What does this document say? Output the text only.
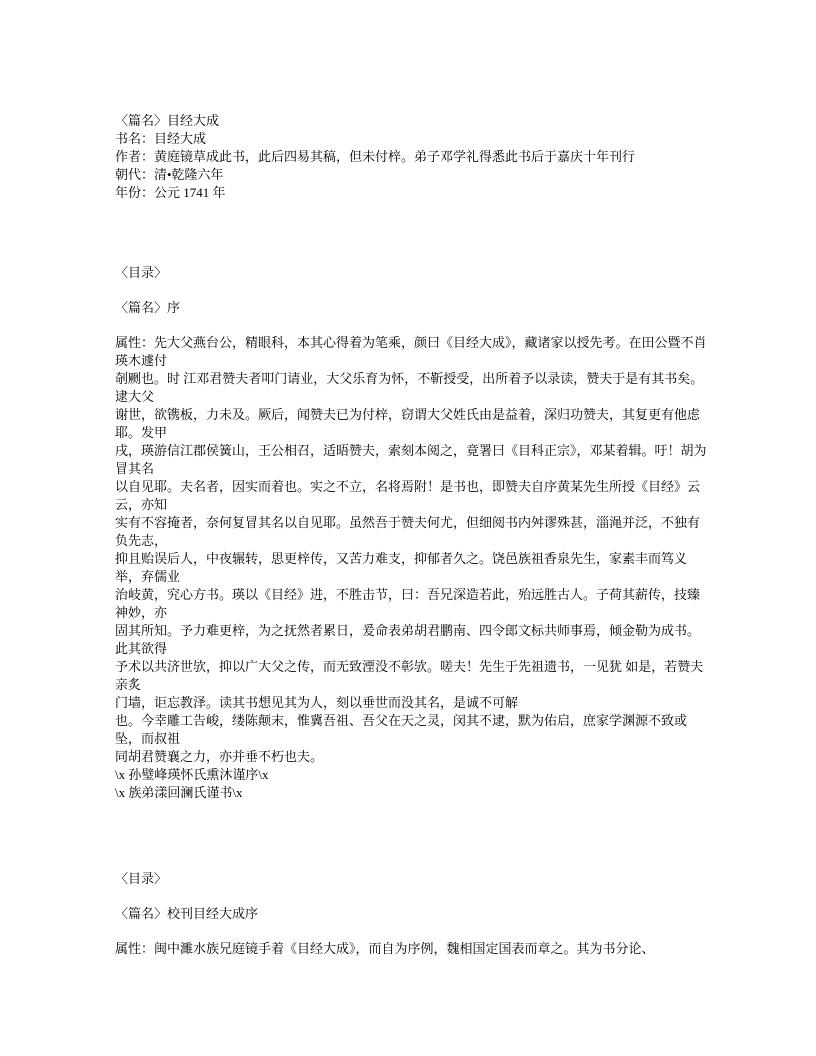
〈篇名〉目经大成
书名：目经大成
作者：黄庭镜草成此书，此后四易其稿，但未付梓。弟子邓学礼得悉此书后于嘉庆十年刊行
朝代：清•乾隆六年
年份：公元 1741 年
〈目录〉
〈篇名〉序
属性：先大父燕台公，精眼科，本其心得着为笔乘，颜曰《目经大成》，藏诸家以授先考。在田公暨不肖瑛木遽付
剞劂也。时 江邓君赞夫者叩门请业，大父乐育为怀，不靳授受，出所着予以录读，赞夫于是有其书矣。逮大父
谢世，欲镌板，力未及。厥后，闻赞夫已为付梓，窃谓大父姓氏由是益着，深归功赞夫，其复更有他虑耶。发甲
戌，瑛游信江郡侯簧山，王公相召，适晤赞夫，索刻本阅之，竟署曰《目科正宗》，邓某着辑。吁！胡为冒其名
以自见耶。夫名者，因实而着也。实之不立，名将焉附！是书也，即赞夫自序黄某先生所授《目经》云云，亦知
实有不容掩者，奈何复冒其名以自见耶。虽然吾于赞夫何尤，但细阅书内舛谬殊甚，淄渑并泛，不独有负先志，
抑且贻误后人，中夜辗转，思更梓传，又苦力难支，抑郁者久之。饶邑族祖香泉先生，家素丰而笃义举，弃儒业
治岐黄，究心方书。瑛以《目经》进，不胜击节，曰：吾兄深造若此，殆远胜古人。子荷其薪传，技臻神妙，亦
固其所知。予力难更梓，为之抚然者累日，爰命表弟胡君鹏南、四令郎文标共师事焉，倾金勒为成书。此其欲得
予术以共济世欤，抑以广大父之传，而无致湮没不彰欤。嗟夫！先生于先祖遗书，一见犹 如是，若赞夫亲炙
门墙，讵忘教泽。读其书想见其为人，刻以垂世而没其名，是诚不可解
也。今幸雕工告峻，缕陈颠末，惟冀吾祖、吾父在天之灵，闵其不逮，默为佑启，庶家学渊源不致或坠，而叔祖
同胡君赞襄之力，亦并垂不朽也夫。
\x 孙璧峰瑛怀氏熏沐谨序\x
\x 族弟漾回澜氏谨书\x
〈目录〉
〈篇名〉校刊目经大成序
属性：闽中濉水族兄庭镜手着《目经大成》，而自为序例，魏相国定国表而章之。其为书分论、
